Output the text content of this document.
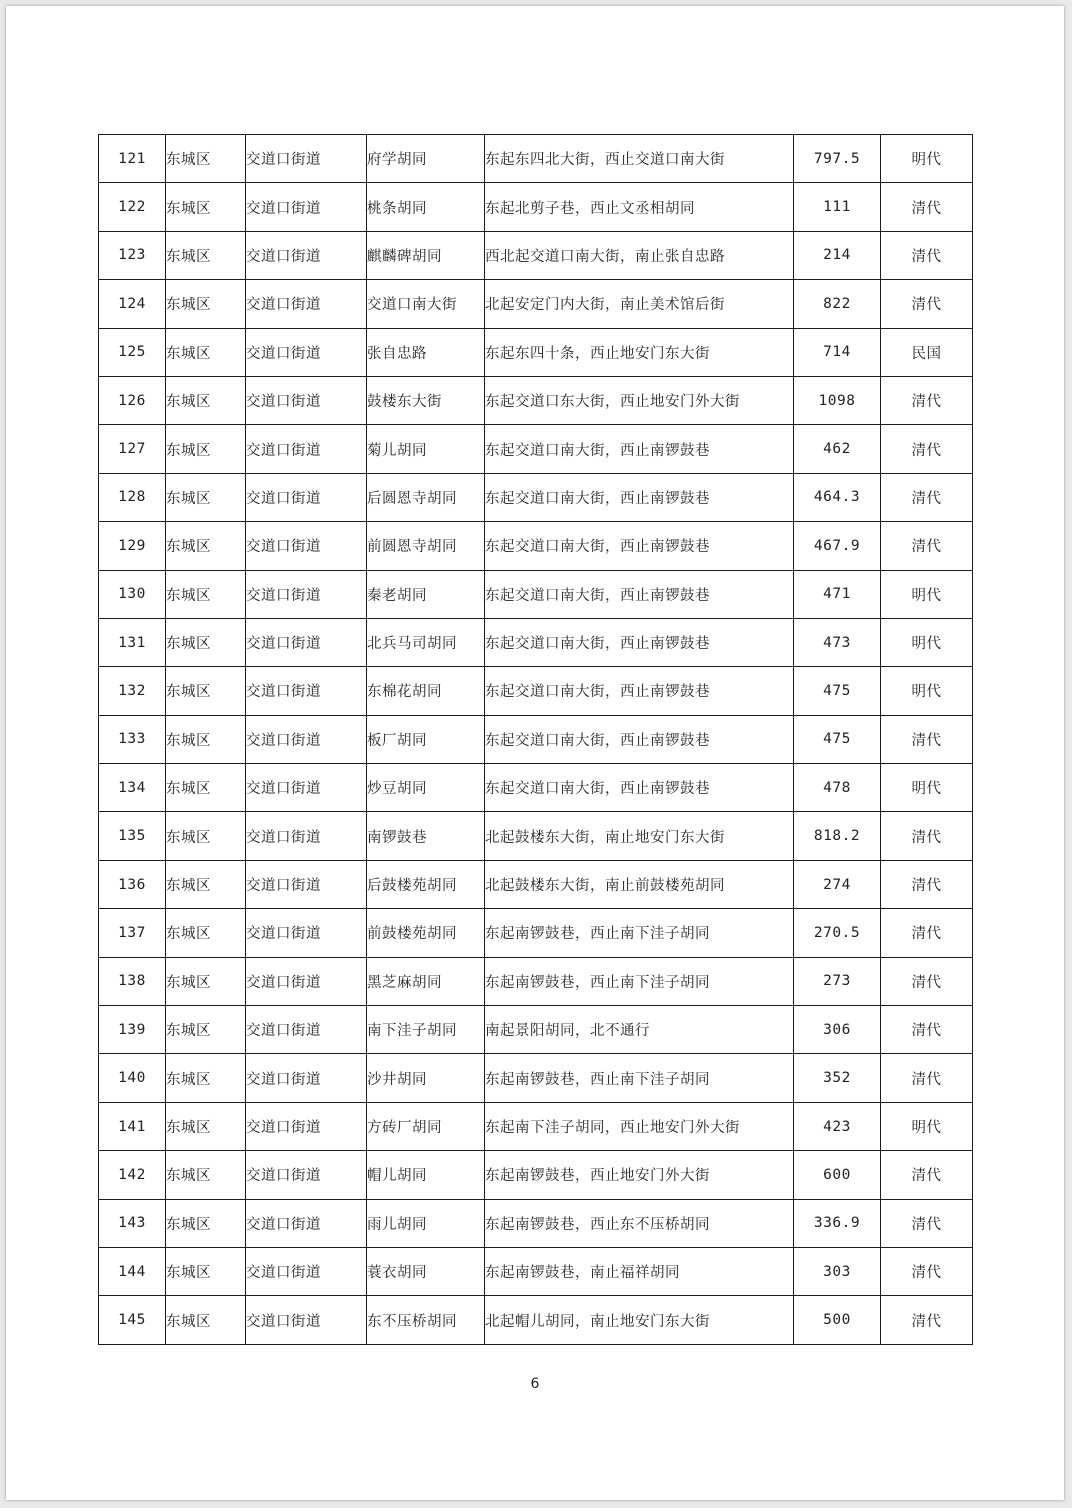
121	东城区	交道口街道	府学胡同	东起东四北大街，西止交道口南大街	797.5	明代
122	东城区	交道口街道	桃条胡同	东起北剪子巷，西止文丞相胡同	111	清代
123	东城区	交道口街道	麒麟碑胡同	西北起交道口南大街，南止张自忠路	214	清代
124	东城区	交道口街道	交道口南大街	北起安定门内大街，南止美术馆后街	822	清代
125	东城区	交道口街道	张自忠路	东起东四十条，西止地安门东大街	714	民国
126	东城区	交道口街道	鼓楼东大街	东起交道口东大街，西止地安门外大街	1098	清代
127	东城区	交道口街道	菊儿胡同	东起交道口南大街，西止南锣鼓巷	462	清代
128	东城区	交道口街道	后圆恩寺胡同	东起交道口南大街，西止南锣鼓巷	464.3	清代
129	东城区	交道口街道	前圆恩寺胡同	东起交道口南大街，西止南锣鼓巷	467.9	清代
130	东城区	交道口街道	秦老胡同	东起交道口南大街，西止南锣鼓巷	471	明代
131	东城区	交道口街道	北兵马司胡同	东起交道口南大街，西止南锣鼓巷	473	明代
132	东城区	交道口街道	东棉花胡同	东起交道口南大街，西止南锣鼓巷	475	明代
133	东城区	交道口街道	板厂胡同	东起交道口南大街，西止南锣鼓巷	475	清代
134	东城区	交道口街道	炒豆胡同	东起交道口南大街，西止南锣鼓巷	478	明代
135	东城区	交道口街道	南锣鼓巷	北起鼓楼东大街，南止地安门东大街	818.2	清代
136	东城区	交道口街道	后鼓楼苑胡同	北起鼓楼东大街，南止前鼓楼苑胡同	274	清代
137	东城区	交道口街道	前鼓楼苑胡同	东起南锣鼓巷，西止南下洼子胡同	270.5	清代
138	东城区	交道口街道	黑芝麻胡同	东起南锣鼓巷，西止南下洼子胡同	273	清代
139	东城区	交道口街道	南下洼子胡同	南起景阳胡同，北不通行	306	清代
140	东城区	交道口街道	沙井胡同	东起南锣鼓巷，西止南下洼子胡同	352	清代
141	东城区	交道口街道	方砖厂胡同	东起南下洼子胡同，西止地安门外大街	423	明代
142	东城区	交道口街道	帽儿胡同	东起南锣鼓巷，西止地安门外大街	600	清代
143	东城区	交道口街道	雨儿胡同	东起南锣鼓巷，西止东不压桥胡同	336.9	清代
144	东城区	交道口街道	蓑衣胡同	东起南锣鼓巷，南止福祥胡同	303	清代
145	东城区	交道口街道	东不压桥胡同	北起帽儿胡同，南止地安门东大街	500	清代
6
